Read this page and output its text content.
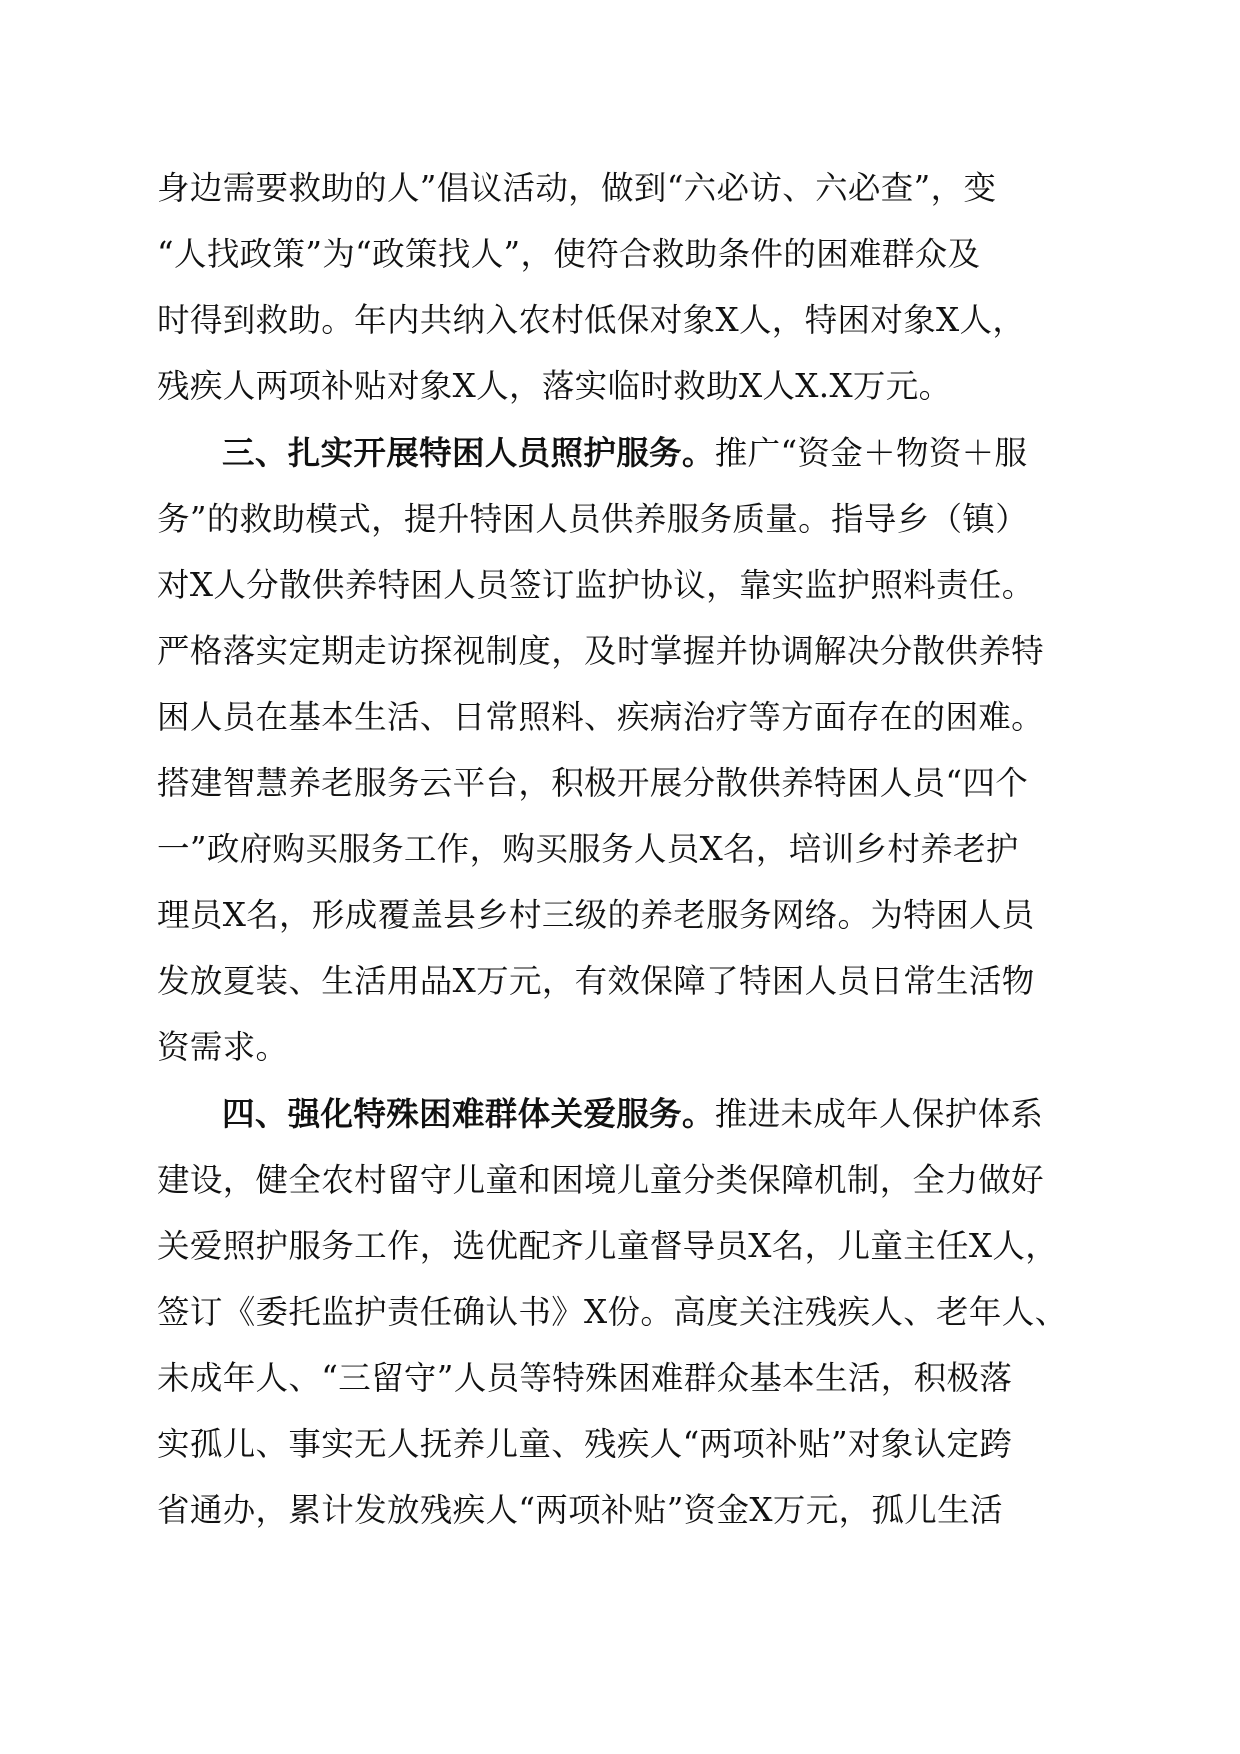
身边需要救助的人”倡议活动，做到“六必访、六必查”，变
“人找政策”为“政策找人”，使符合救助条件的困难群众及
时得到救助。年内共纳入农村低保对象X人，特困对象X人，
残疾人两项补贴对象X人，落实临时救助X人X.X万元。
三、扎实开展特困人员照护服务。推广“资金＋物资＋服
务”的救助模式，提升特困人员供养服务质量。指导乡（镇）
对X人分散供养特困人员签订监护协议，靠实监护照料责任。
严格落实定期走访探视制度，及时掌握并协调解决分散供养特
困人员在基本生活、日常照料、疾病治疗等方面存在的困难。
搭建智慧养老服务云平台，积极开展分散供养特困人员“四个
一”政府购买服务工作，购买服务人员X名，培训乡村养老护
理员X名，形成覆盖县乡村三级的养老服务网络。为特困人员
发放夏装、生活用品X万元，有效保障了特困人员日常生活物
资需求。
四、强化特殊困难群体关爱服务。推进未成年人保护体系
建设，健全农村留守儿童和困境儿童分类保障机制，全力做好
关爱照护服务工作，选优配齐儿童督导员X名，儿童主任X人，
签订《委托监护责任确认书》X份。高度关注残疾人、老年人、
未成年人、“三留守”人员等特殊困难群众基本生活，积极落
实孤儿、事实无人抚养儿童、残疾人“两项补贴”对象认定跨
省通办，累计发放残疾人“两项补贴”资金X万元，孤儿生活
